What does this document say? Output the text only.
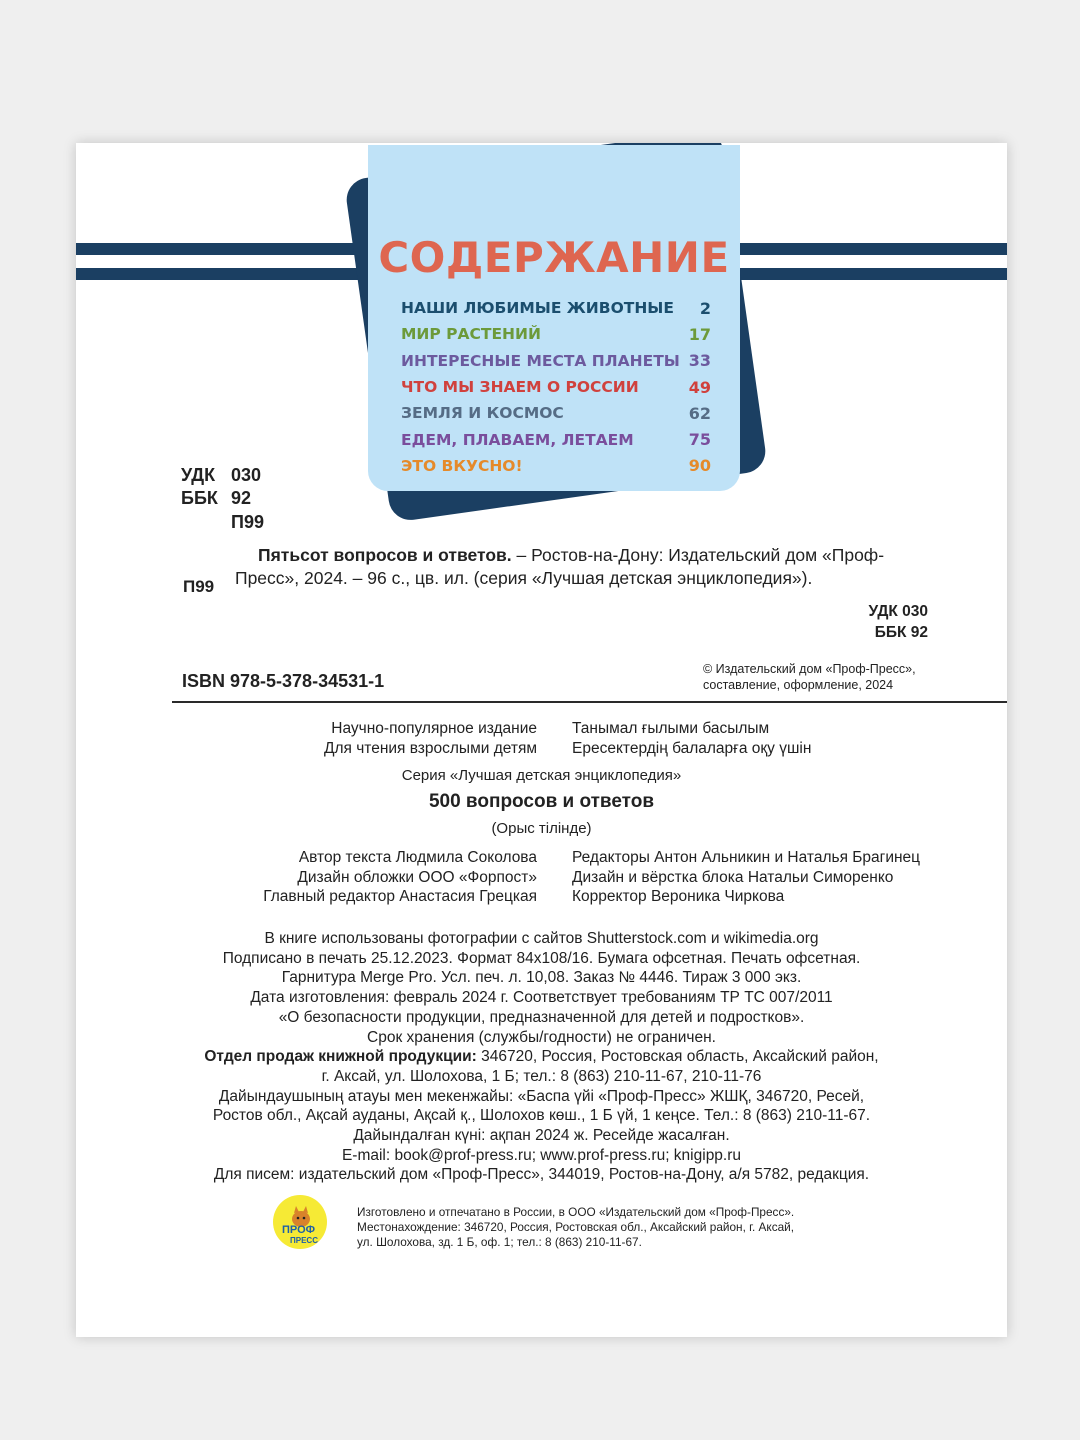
СОДЕРЖАНИЕ
НАШИ ЛЮБИМЫЕ ЖИВОТНЫЕ 2
МИР РАСТЕНИЙ	17
ИНТЕРЕСНЫЕ МЕСТА ПЛАНЕТЫ 33
ЧТО МЫ ЗНАЕМ О РОССИИ	49
ЗЕМЛЯ И КОСМОС	62
ЕДЕМ, ПЛАВАЕМ, ЛЕТАЕМ	75
ЭТО ВКУСНО!	90
УДК 030
ББК 92
П99
П99
Пятьсот вопросов и ответов. – Ростов-на-Дону: Издательский дом «Проф-
Пресс», 2024. – 96 с., цв. ил. (серия «Лучшая детская энциклопедия»).
УДК 030
ББК 92
ISBN 978-5-378-34531-1
© Издательский дом «Проф-Пресс»,
составление, оформление, 2024
Научно-популярное издание
Для чтения взрослыми детям
Танымал ғылыми басылым
Ересектердің балаларға оқу үшін
Серия «Лучшая детская энциклопедия»
500 вопросов и ответов
(Орыс тілінде)
Автор текста Людмила Соколова
Дизайн обложки ООО «Форпост»
Главный редактор Анастасия Грецкая
Редакторы Антон Альникин и Наталья Брагинец
Дизайн и вёрстка блока Натальи Симоренко
Корректор Вероника Чиркова
В книге использованы фотографии с сайтов Shutterstock.com и wikimedia.org
Подписано в печать 25.12.2023. Формат 84x108/16. Бумага офсетная. Печать офсетная.
Гарнитура Merge Pro. Усл. печ. л. 10,08. Заказ № 4446. Тираж 3 000 экз.
Дата изготовления: февраль 2024 г. Соответствует требованиям ТР ТС 007/2011
«О безопасности продукции, предназначенной для детей и подростков».
Срок хранения (службы/годности) не ограничен.
Отдел продаж книжной продукции: 346720, Россия, Ростовская область, Аксайский район,
г. Аксай, ул. Шолохова, 1 Б; тел.: 8 (863) 210-11-67, 210-11-76
Дайындаушының атауы мен мекенжайы: «Баспа үйі «Проф-Пресс» ЖШҚ, 346720, Ресей,
Ростов обл., Ақсай ауданы, Ақсай қ., Шолохов көш., 1 Б үй, 1 кеңсе. Тел.: 8 (863) 210-11-67.
Дайындалған күні: ақпан 2024 ж. Ресейде жасалған.
E-mail: book@prof-press.ru; www.prof-press.ru; knigipp.ru
Для писем: издательский дом «Проф-Пресс», 344019, Ростов-на-Дону, а/я 5782, редакция.
ПРОФ
ПРЕСС
Изготовлено и отпечатано в России, в ООО «Издательский дом «Проф-Пресс».
Местонахождение: 346720, Россия, Ростовская обл., Аксайский район, г. Аксай,
ул. Шолохова, зд. 1 Б, оф. 1; тел.: 8 (863) 210-11-67.
